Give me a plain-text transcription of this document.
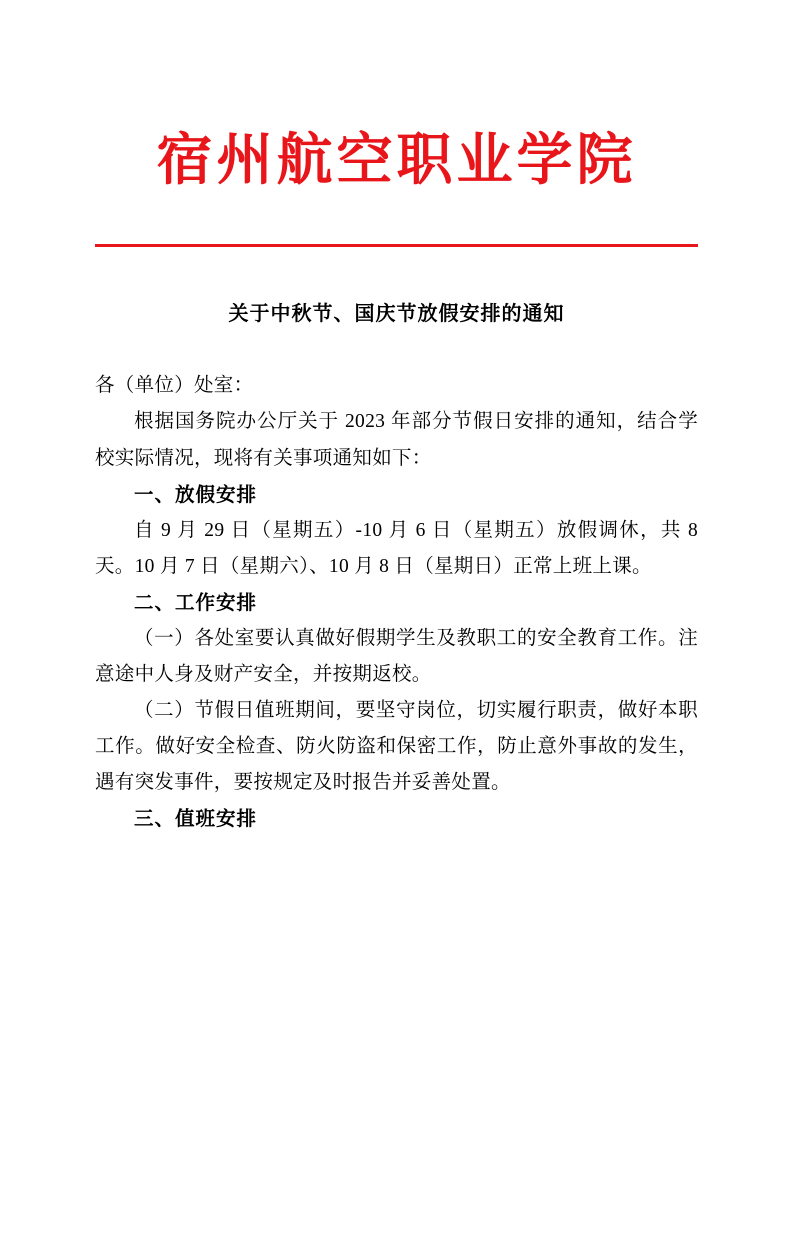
宿州航空职业学院
关于中秋节、国庆节放假安排的通知

各（单位）处室：

根据国务院办公厅关于 2023 年部分节假日安排的通知，结合学校实际情况，现将有关事项通知如下：

一、放假安排

自 9 月 29 日（星期五）-10 月 6 日（星期五）放假调休，共 8 天。10 月 7 日（星期六）、10 月 8 日（星期日）正常上班上课。

二、工作安排

（一）各处室要认真做好假期学生及教职工的安全教育工作。注意途中人身及财产安全，并按期返校。

（二）节假日值班期间，要坚守岗位，切实履行职责，做好本职工作。做好安全检查、防火防盗和保密工作，防止意外事故的发生，遇有突发事件，要按规定及时报告并妥善处置。

三、值班安排
